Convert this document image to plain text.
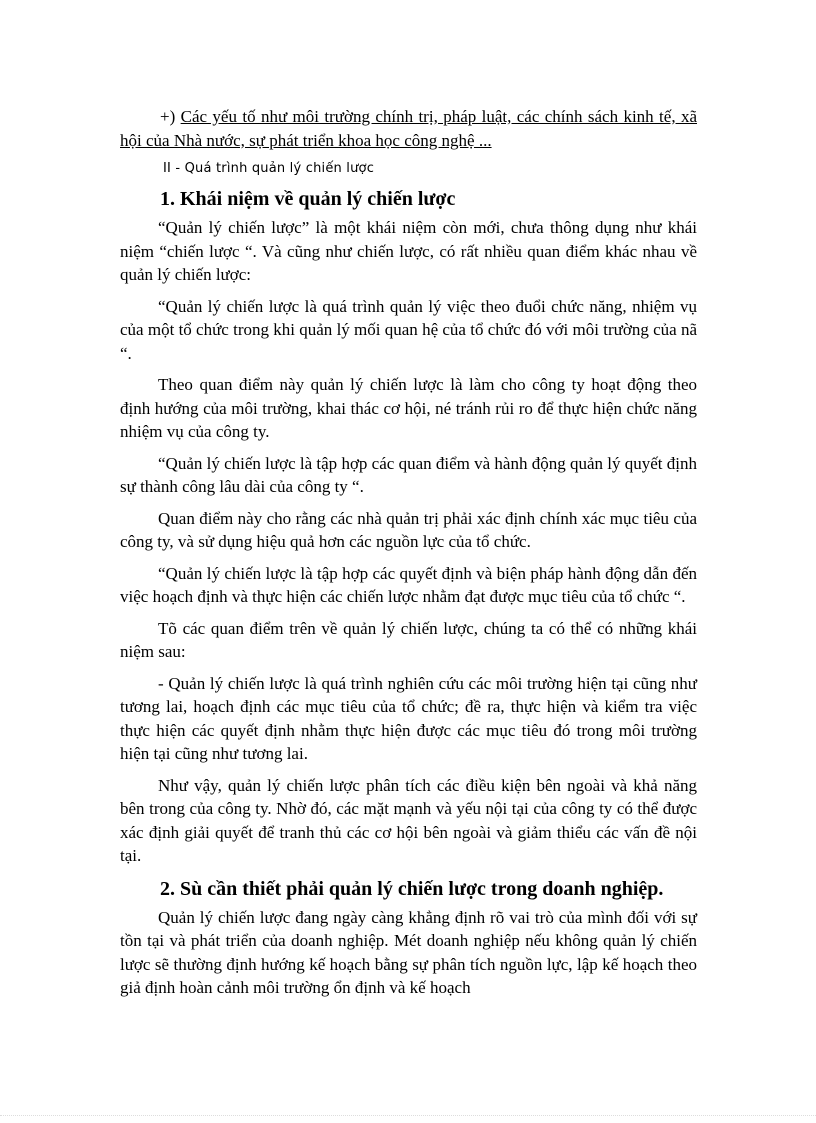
+) Các yếu tố như môi trường chính trị, pháp luật, các chính sách kinh tế, xã hội của Nhà nước, sự phát triển khoa học công nghệ ...

II - Quá trình quản lý chiến lược

1. Khái niệm về quản lý chiến lược

“Quản lý chiến lược” là một khái niệm còn mới, chưa thông dụng như khái niệm “chiến lược “. Và cũng như chiến lược, có rất nhiều quan điểm khác nhau về quản lý chiến lược:

“Quản lý chiến lược là quá trình quản lý việc theo đuổi chức năng, nhiệm vụ của một tổ chức trong khi quản lý mối quan hệ của tổ chức đó với môi trường của nã “.

Theo quan điểm này quản lý chiến lược là làm cho công ty hoạt động theo định hướng của môi trường, khai thác cơ hội, né tránh rủi ro để thực hiện chức năng nhiệm vụ của công ty.

“Quản lý chiến lược là tập hợp các quan điểm và hành động quản lý quyết định sự thành công lâu dài của công ty “.

Quan điểm này cho rằng các nhà quản trị phải xác định chính xác mục tiêu của công ty, và sử dụng hiệu quả hơn các nguồn lực của tổ chức.

“Quản lý chiến lược là tập hợp các quyết định và biện pháp hành động dẫn đến việc hoạch định và thực hiện các chiến lược nhằm đạt được mục tiêu của tổ chức “.

Tõ các quan điểm trên về quản lý chiến lược, chúng ta có thể có những khái niệm sau:

- Quản lý chiến lược là quá trình nghiên cứu các môi trường hiện tại cũng như tương lai, hoạch định các mục tiêu của tổ chức; đề ra, thực hiện và kiểm tra việc thực hiện các quyết định nhằm thực hiện được các mục tiêu đó trong môi trường hiện tại cũng như tương lai.

Như vậy, quản lý chiến lược phân tích các điều kiện bên ngoài và khả năng bên trong của công ty. Nhờ đó, các mặt mạnh và yếu nội tại của công ty có thể được xác định giải quyết để tranh thủ các cơ hội bên ngoài và giảm thiểu các vấn đề nội tại.

2. Sù cần thiết phải quản lý chiến lược trong doanh nghiệp.

Quản lý chiến lược đang ngày càng khẳng định rõ vai trò của mình đối với sự tồn tại và phát triển của doanh nghiệp. Mét doanh nghiệp nếu không quản lý chiến lược sẽ thường định hướng kế hoạch bằng sự phân tích nguồn lực, lập kế hoạch theo giả định hoàn cảnh môi trường ổn định và kế hoạch
